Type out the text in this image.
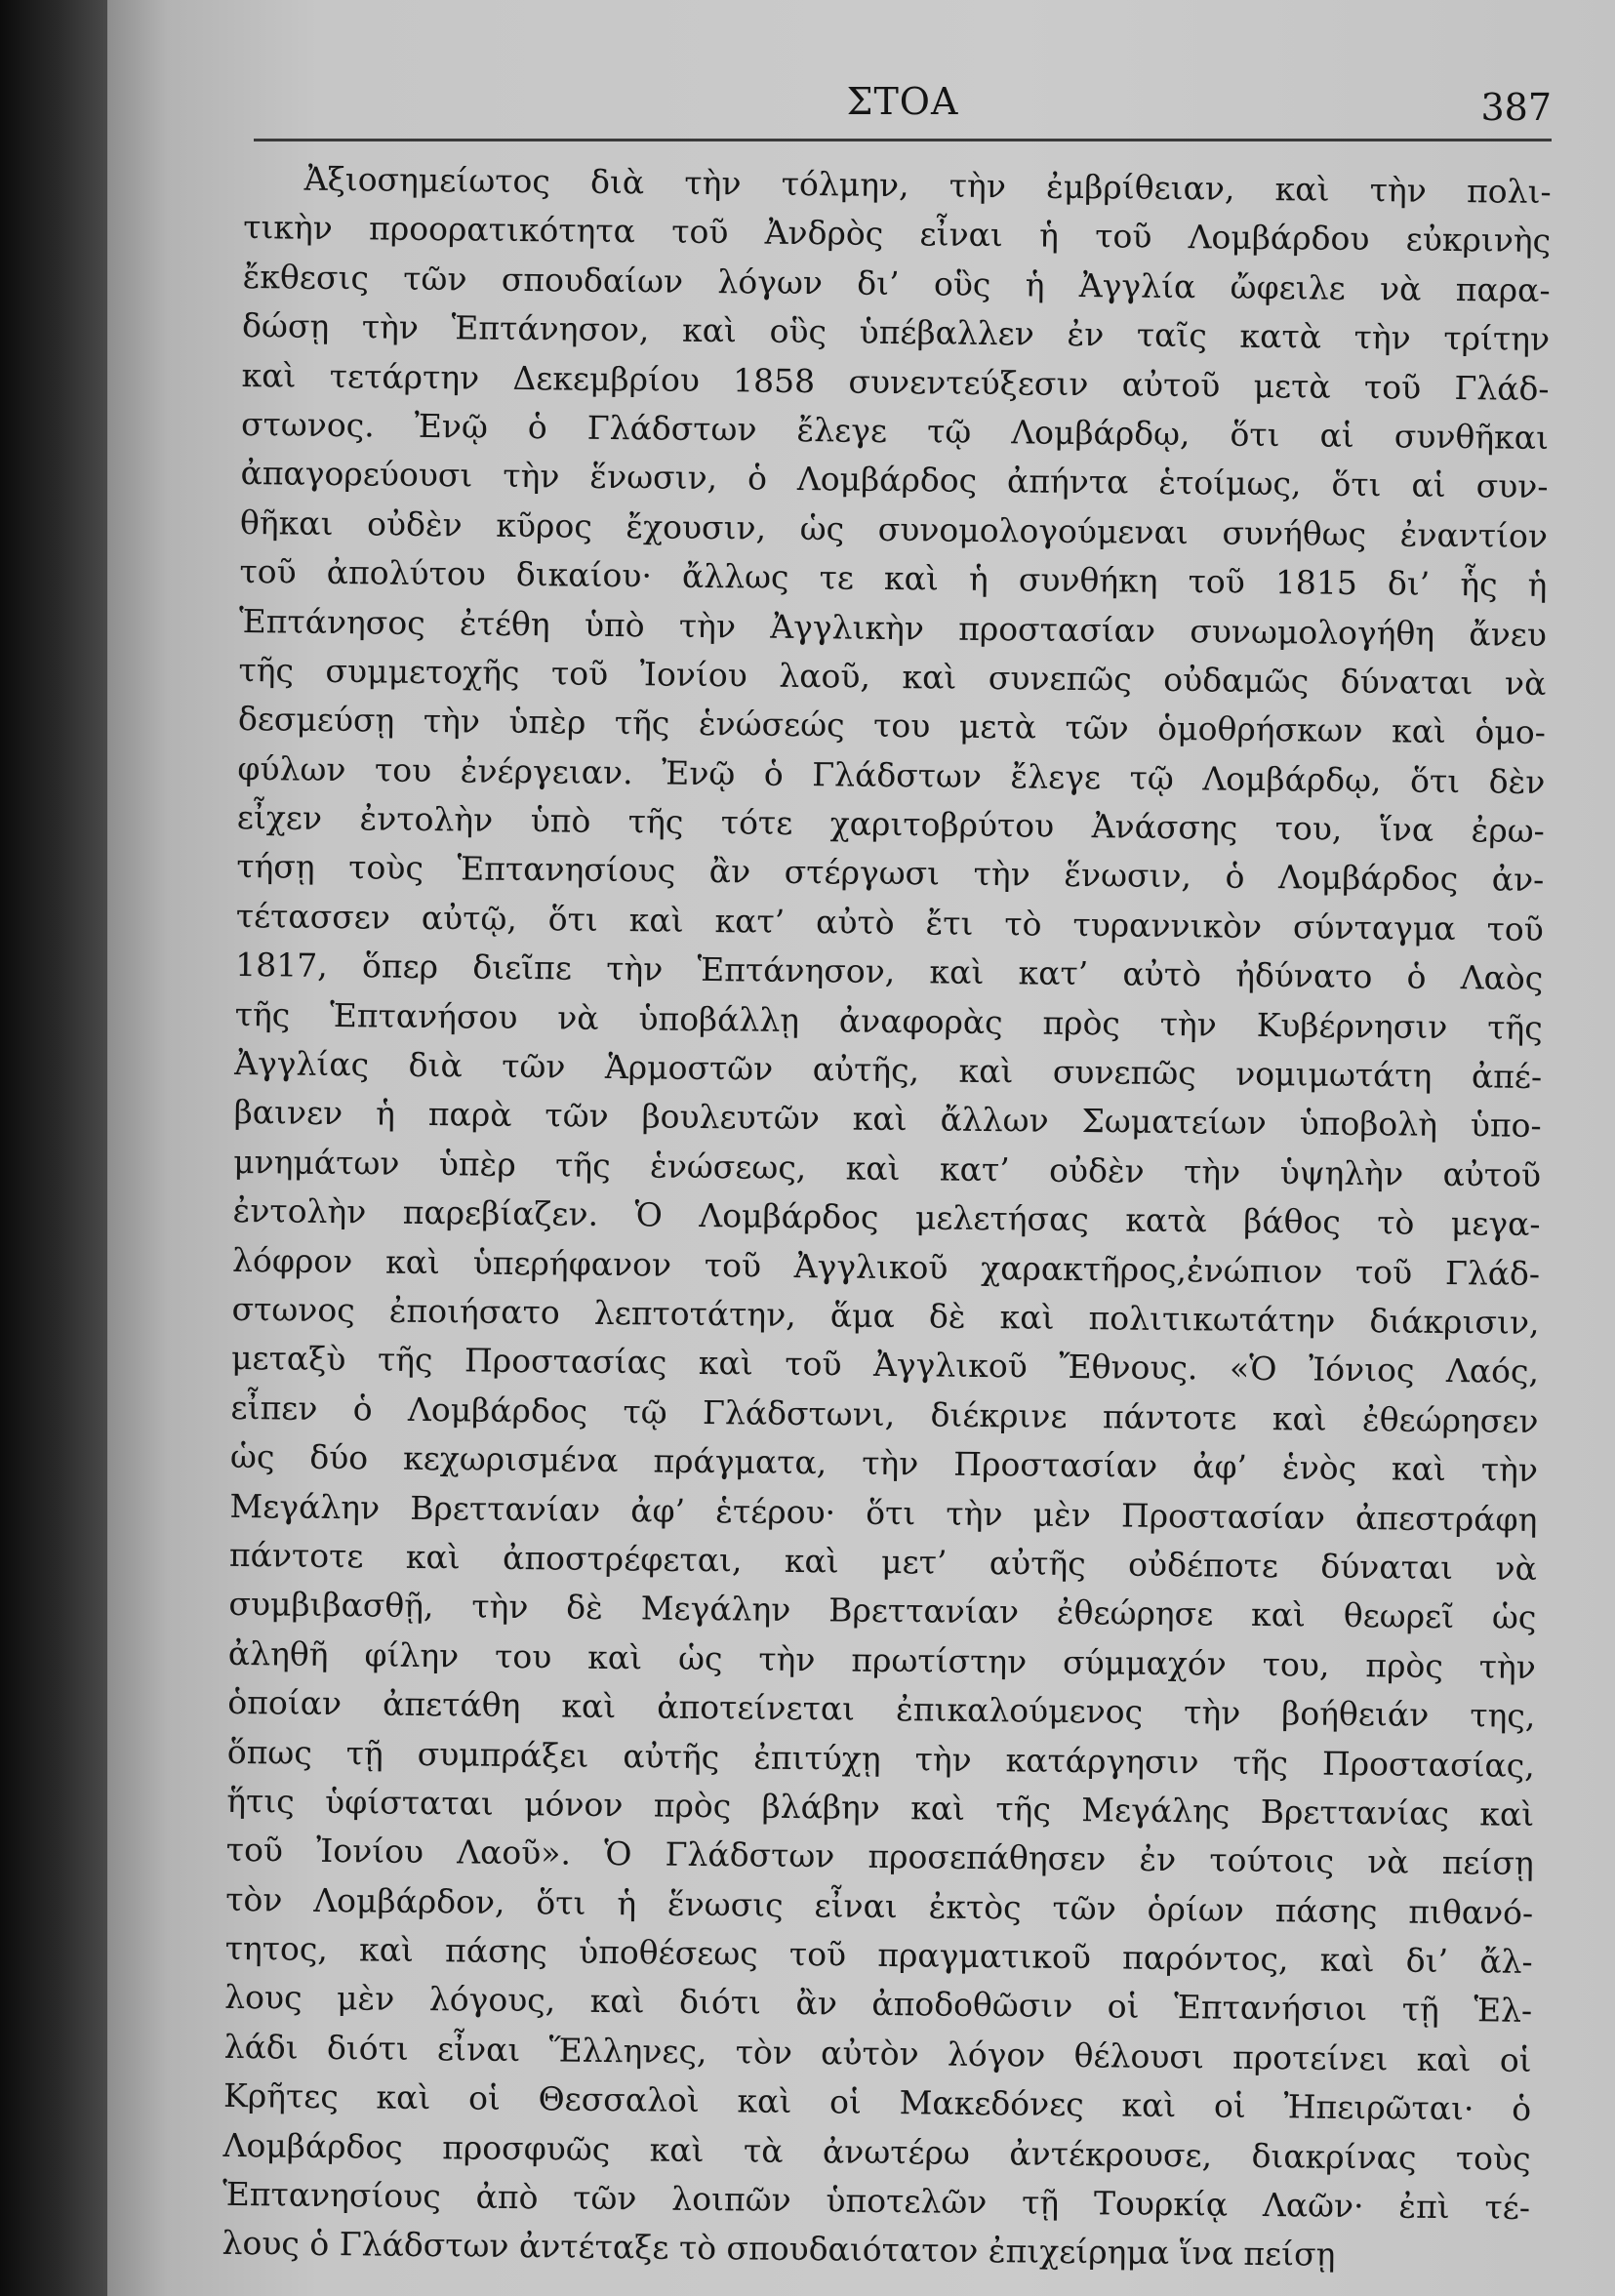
ΣΤΟΑ	387
Ἀξιοσημείωτος διὰ τὴν τόλμην, τὴν ἐμβρίθειαν, καὶ τὴν πολι-
τικὴν προορατικότητα τοῦ Ἀνδρὸς εἶναι ἡ τοῦ Λομβάρδου εὐκρινὴς
ἔκθεσις τῶν σπουδαίων λόγων δι’ οὓς ἡ Ἀγγλία ὤφειλε νὰ παρα-
δώσῃ τὴν Ἑπτάνησον, καὶ οὓς ὑπέβαλλεν ἐν ταῖς κατὰ τὴν τρίτην
καὶ τετάρτην Δεκεμβρίου 1858 συνεντεύξεσιν αὐτοῦ μετὰ τοῦ Γλάδ-
στωνος. Ἐνῷ ὁ Γλάδστων ἔλεγε τῷ Λομβάρδῳ, ὅτι αἱ συνθῆκαι
ἀπαγορεύουσι τὴν ἕνωσιν, ὁ Λομβάρδος ἀπήντα ἑτοίμως, ὅτι αἱ συν-
θῆκαι οὐδὲν κῦρος ἔχουσιν, ὡς συνομολογούμεναι συνήθως ἐναντίον
τοῦ ἀπολύτου δικαίου· ἄλλως τε καὶ ἡ συνθήκη τοῦ 1815 δι’ ἧς ἡ
Ἑπτάνησος ἐτέθη ὑπὸ τὴν Ἀγγλικὴν προστασίαν συνωμολογήθη ἄνευ
τῆς συμμετοχῆς τοῦ Ἰονίου λαοῦ, καὶ συνεπῶς οὐδαμῶς δύναται νὰ
δεσμεύσῃ τὴν ὑπὲρ τῆς ἑνώσεώς του μετὰ τῶν ὁμοθρήσκων καὶ ὁμο-
φύλων του ἐνέργειαν. Ἐνῷ ὁ Γλάδστων ἔλεγε τῷ Λομβάρδῳ, ὅτι δὲν
εἶχεν ἐντολὴν ὑπὸ τῆς τότε χαριτοβρύτου Ἀνάσσης του, ἵνα ἐρω-
τήσῃ τοὺς Ἑπτανησίους ἂν στέργωσι τὴν ἕνωσιν, ὁ Λομβάρδος ἀν-
τέτασσεν αὐτῷ, ὅτι καὶ κατ’ αὐτὸ ἔτι τὸ τυραννικὸν σύνταγμα τοῦ
1817, ὅπερ διεῖπε τὴν Ἑπτάνησον, καὶ κατ’ αὐτὸ ἠδύνατο ὁ Λαὸς
τῆς Ἑπτανήσου νὰ ὑποβάλλῃ ἀναφορὰς πρὸς τὴν Κυβέρνησιν τῆς
Ἀγγλίας διὰ τῶν Ἁρμοστῶν αὐτῆς, καὶ συνεπῶς νομιμωτάτη ἀπέ-
βαινεν ἡ παρὰ τῶν βουλευτῶν καὶ ἄλλων Σωματείων ὑποβολὴ ὑπο-
μνημάτων ὑπὲρ τῆς ἑνώσεως, καὶ κατ’ οὐδὲν τὴν ὑψηλὴν αὐτοῦ
ἐντολὴν παρεβίαζεν. Ὁ Λομβάρδος μελετήσας κατὰ βάθος τὸ μεγα-
λόφρον καὶ ὑπερήφανον τοῦ Ἀγγλικοῦ χαρακτῆρος,ἐνώπιον τοῦ Γλάδ-
στωνος ἐποιήσατο λεπτοτάτην, ἅμα δὲ καὶ πολιτικωτάτην διάκρισιν,
μεταξὺ τῆς Προστασίας καὶ τοῦ Ἀγγλικοῦ Ἔθνους. «Ὁ Ἰόνιος Λαός,
εἶπεν ὁ Λομβάρδος τῷ Γλάδστωνι, διέκρινε πάντοτε καὶ ἐθεώρησεν
ὡς δύο κεχωρισμένα πράγματα, τὴν Προστασίαν ἀφ’ ἑνὸς καὶ τὴν
Μεγάλην Βρεττανίαν ἀφ’ ἑτέρου· ὅτι τὴν μὲν Προστασίαν ἀπεστράφη
πάντοτε καὶ ἀποστρέφεται, καὶ μετ’ αὐτῆς οὐδέποτε δύναται νὰ
συμβιβασθῇ, τὴν δὲ Μεγάλην Βρεττανίαν ἐθεώρησε καὶ θεωρεῖ ὡς
ἀληθῆ φίλην του καὶ ὡς τὴν πρωτίστην σύμμαχόν του, πρὸς τὴν
ὁποίαν ἀπετάθη καὶ ἀποτείνεται ἐπικαλούμενος τὴν βοήθειάν της,
ὅπως τῇ συμπράξει αὐτῆς ἐπιτύχῃ τὴν κατάργησιν τῆς Προστασίας,
ἥτις ὑφίσταται μόνον πρὸς βλάβην καὶ τῆς Μεγάλης Βρεττανίας καὶ
τοῦ Ἰονίου Λαοῦ». Ὁ Γλάδστων προσεπάθησεν ἐν τούτοις νὰ πείσῃ
τὸν Λομβάρδον, ὅτι ἡ ἕνωσις εἶναι ἐκτὸς τῶν ὁρίων πάσης πιθανό-
τητος, καὶ πάσης ὑποθέσεως τοῦ πραγματικοῦ παρόντος, καὶ δι’ ἄλ-
λους μὲν λόγους, καὶ διότι ἂν ἀποδοθῶσιν οἱ Ἑπτανήσιοι τῇ Ἑλ-
λάδι διότι εἶναι Ἕλληνες, τὸν αὐτὸν λόγον θέλουσι προτείνει καὶ οἱ
Κρῆτες καὶ οἱ Θεσσαλοὶ καὶ οἱ Μακεδόνες καὶ οἱ Ἠπειρῶται· ὁ
Λομβάρδος προσφυῶς καὶ τὰ ἀνωτέρω ἀντέκρουσε, διακρίνας τοὺς
Ἑπτανησίους ἀπὸ τῶν λοιπῶν ὑποτελῶν τῇ Τουρκίᾳ Λαῶν· ἐπὶ τέ-
λους ὁ Γλάδστων ἀντέταξε τὸ σπουδαιότατον ἐπιχείρημα ἵνα πείσῃ
